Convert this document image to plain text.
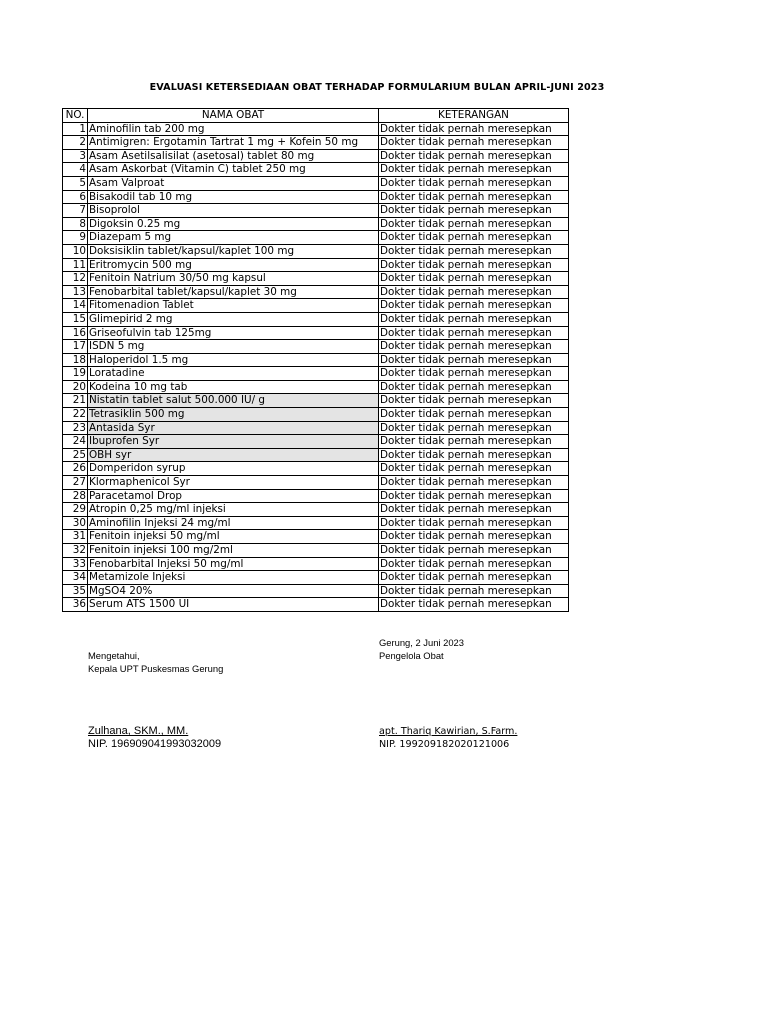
EVALUASI KETERSEDIAAN OBAT TERHADAP FORMULARIUM BULAN APRIL-JUNI 2023
NO.	NAMA OBAT	KETERANGAN
1	Aminofilin tab 200 mg	Dokter tidak pernah meresepkan
2	Antimigren: Ergotamin Tartrat 1 mg + Kofein 50 mg	Dokter tidak pernah meresepkan
3	Asam Asetilsalisilat (asetosal) tablet 80 mg	Dokter tidak pernah meresepkan
4	Asam Askorbat (Vitamin C) tablet 250 mg	Dokter tidak pernah meresepkan
5	Asam Valproat	Dokter tidak pernah meresepkan
6	Bisakodil tab 10 mg	Dokter tidak pernah meresepkan
7	Bisoprolol	Dokter tidak pernah meresepkan
8	Digoksin 0.25 mg	Dokter tidak pernah meresepkan
9	Diazepam 5 mg	Dokter tidak pernah meresepkan
10	Doksisiklin tablet/kapsul/kaplet 100 mg	Dokter tidak pernah meresepkan
11	Eritromycin 500 mg	Dokter tidak pernah meresepkan
12	Fenitoin Natrium 30/50 mg kapsul	Dokter tidak pernah meresepkan
13	Fenobarbital tablet/kapsul/kaplet 30 mg	Dokter tidak pernah meresepkan
14	Fitomenadion Tablet	Dokter tidak pernah meresepkan
15	Glimepirid 2 mg	Dokter tidak pernah meresepkan
16	Griseofulvin tab 125mg	Dokter tidak pernah meresepkan
17	ISDN 5 mg	Dokter tidak pernah meresepkan
18	Haloperidol 1.5 mg	Dokter tidak pernah meresepkan
19	Loratadine	Dokter tidak pernah meresepkan
20	Kodeina 10 mg tab	Dokter tidak pernah meresepkan
21	Nistatin tablet salut 500.000 IU/ g	Dokter tidak pernah meresepkan
22	Tetrasiklin 500 mg	Dokter tidak pernah meresepkan
23	Antasida Syr	Dokter tidak pernah meresepkan
24	Ibuprofen Syr	Dokter tidak pernah meresepkan
25	OBH syr	Dokter tidak pernah meresepkan
26	Domperidon syrup	Dokter tidak pernah meresepkan
27	Klormaphenicol Syr	Dokter tidak pernah meresepkan
28	Paracetamol Drop	Dokter tidak pernah meresepkan
29	Atropin 0,25 mg/ml injeksi	Dokter tidak pernah meresepkan
30	Aminofilin Injeksi 24 mg/ml	Dokter tidak pernah meresepkan
31	Fenitoin injeksi 50 mg/ml	Dokter tidak pernah meresepkan
32	Fenitoin injeksi 100 mg/2ml	Dokter tidak pernah meresepkan
33	Fenobarbital Injeksi 50 mg/ml	Dokter tidak pernah meresepkan
34	Metamizole Injeksi	Dokter tidak pernah meresepkan
35	MgSO4 20%	Dokter tidak pernah meresepkan
36	Serum ATS 1500 UI	Dokter tidak pernah meresepkan
Mengetahui,
Kepala UPT Puskesmas Gerung
Zulhana, SKM., MM.
NIP. 196909041993032009
Gerung, 2 Juni 2023
Pengelola Obat
apt. Thariq Kawirian, S.Farm.
NIP. 199209182020121006
